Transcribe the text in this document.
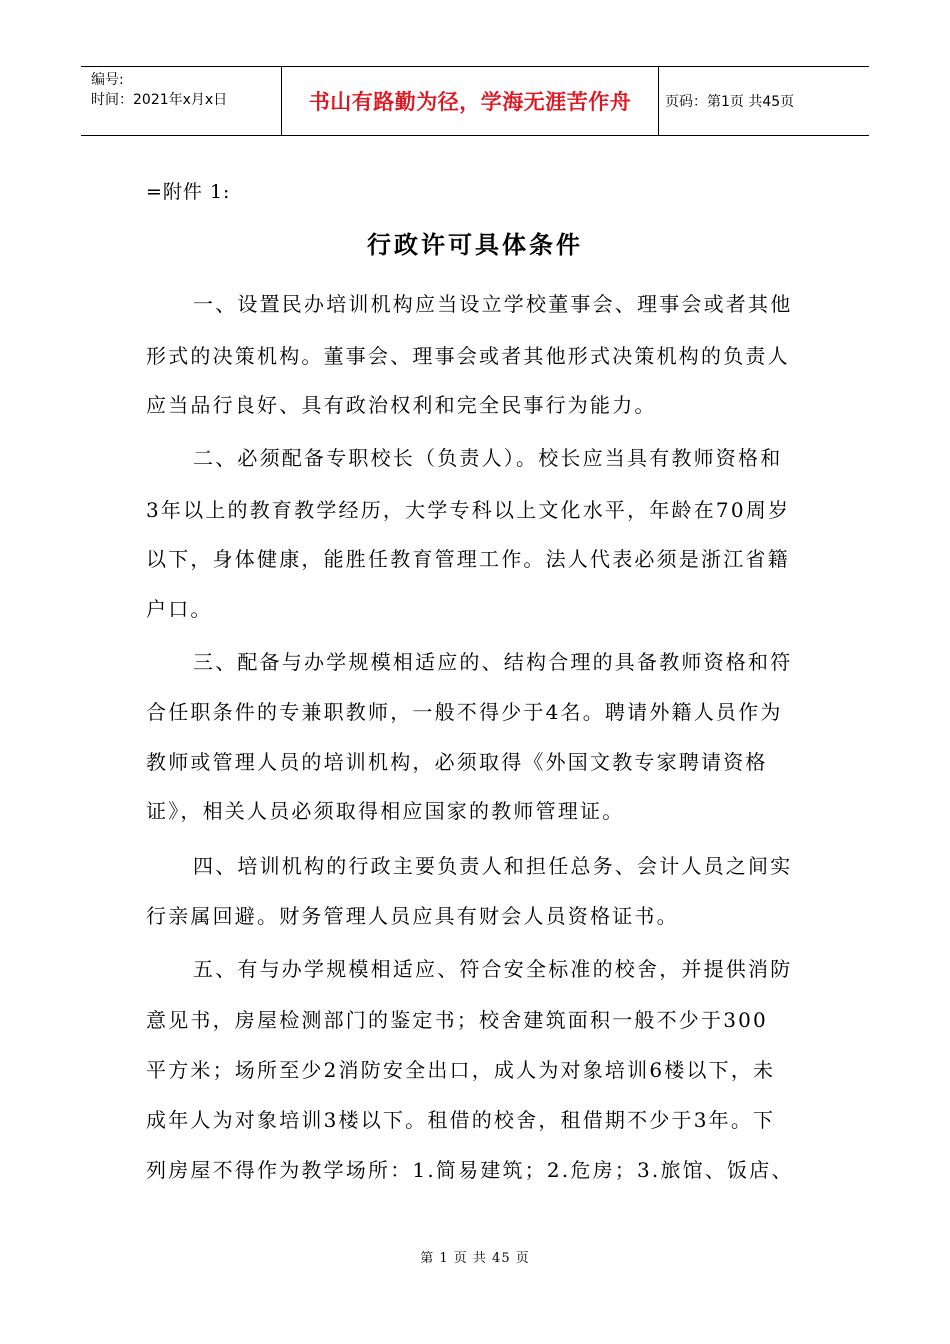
编号:
时间：2021年x月x日	书山有路勤为径，学海无涯苦作舟	页码：第1页 共45页
=附件 1:
行政许可具体条件
一、设置民办培训机构应当设立学校董事会、理事会或者其他
形式的决策机构。董事会、理事会或者其他形式决策机构的负责人
应当品行良好、具有政治权利和完全民事行为能力。
二、必须配备专职校长（负责人）。校长应当具有教师资格和
3年以上的教育教学经历，大学专科以上文化水平，年龄在70周岁
以下，身体健康，能胜任教育管理工作。法人代表必须是浙江省籍
户口。
三、配备与办学规模相适应的、结构合理的具备教师资格和符
合任职条件的专兼职教师，一般不得少于4名。聘请外籍人员作为
教师或管理人员的培训机构，必须取得《外国文教专家聘请资格
证》，相关人员必须取得相应国家的教师管理证。
四、培训机构的行政主要负责人和担任总务、会计人员之间实
行亲属回避。财务管理人员应具有财会人员资格证书。
五、有与办学规模相适应、符合安全标准的校舍，并提供消防
意见书，房屋检测部门的鉴定书；校舍建筑面积一般不少于300
平方米；场所至少2消防安全出口，成人为对象培训6楼以下，未
成年人为对象培训3楼以下。租借的校舍，租借期不少于3年。下
列房屋不得作为教学场所：1.简易建筑；2.危房；3.旅馆、饭店、
第 1 页 共 45 页
